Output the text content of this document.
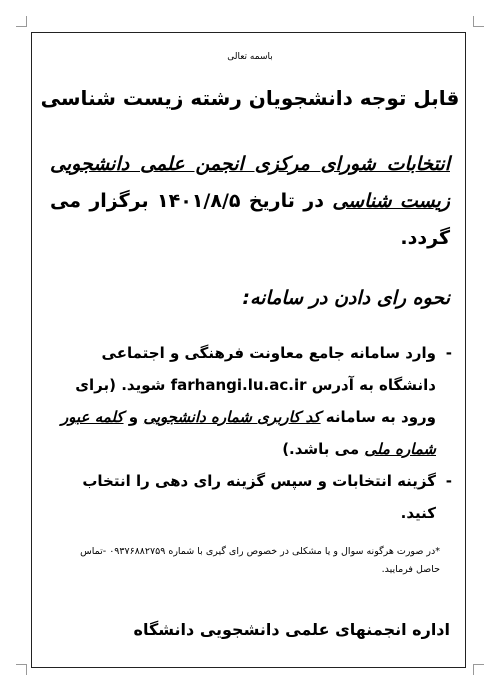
باسمه تعالی
قابل توجه دانشجویان رشته زیست شناسی
انتخابات شورای مرکزی انجمن علمی دانشجویی زیست شناسی در تاریخ ۱۴۰۱/۸/۵ برگزار می گردد.
نحوه رای دادن در سامانه:
-
وارد سامانه جامع معاونت فرهنگی و اجتماعی دانشگاه به آدرس farhangi.lu.ac.ir شوید. (برای ورود به سامانه کد کاربری شماره دانشجویی و کلمه عبور شماره ملی می باشد.)
-
گزینه انتخابات و سپس گزینه رای دهی را انتخاب کنید.
*در صورت هرگونه سوال و یا مشکلی در خصوص رای گیری با شماره ۰۹۳۷۶۸۸۲۷۵۹ -تماس حاصل فرمایید.
اداره انجمنهای علمی دانشجویی دانشگاه
